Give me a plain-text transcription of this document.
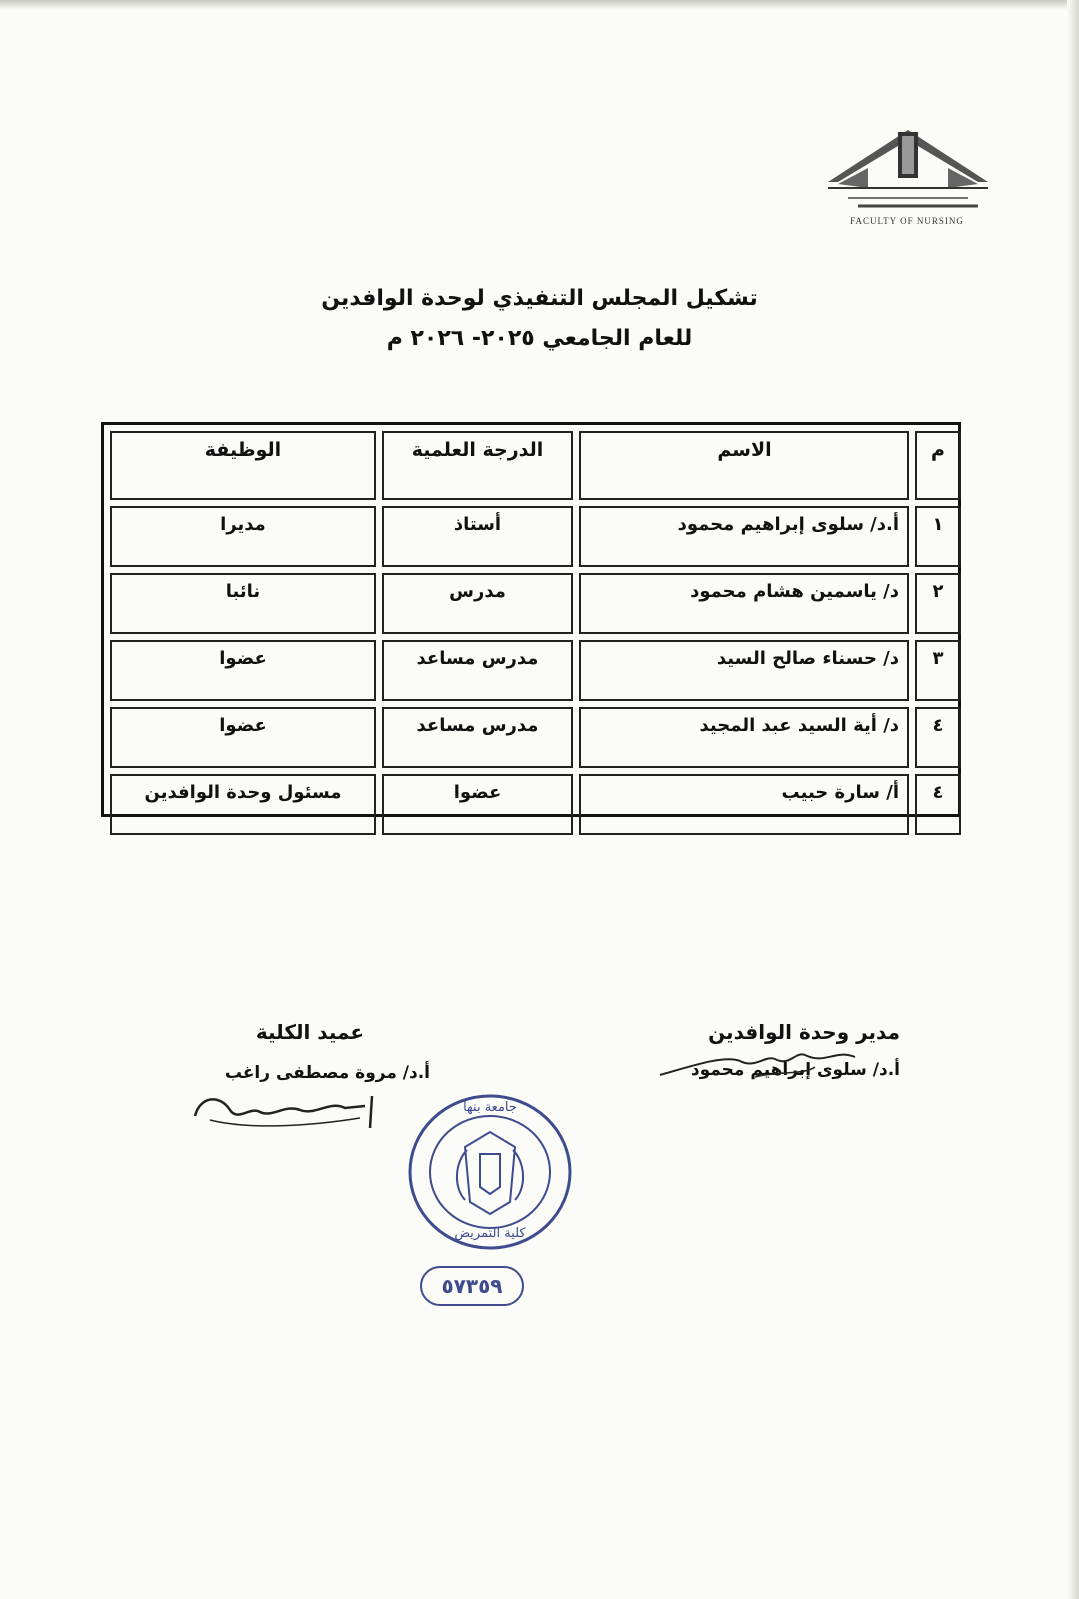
FACULTY OF NURSING
تشكيل المجلس التنفيذي لوحدة الوافدين
للعام الجامعي ٢٠٢٥- ٢٠٢٦ م
م	الاسم	الدرجة العلمية	الوظيفة
١	أ.د/ سلوى إبراهيم محمود	أستاذ	مديرا
٢	د/ ياسمين هشام محمود	مدرس	نائبا
٣	د/ حسناء صالح السيد	مدرس مساعد	عضوا
٤	د/ أية السيد عبد المجيد	مدرس مساعد	عضوا
٤	أ/ سارة حبيب	عضوا	مسئول وحدة الوافدين
مدير وحدة الوافدين
أ.د/ سلوى إبراهيم محمود
عميد الكلية
أ.د/ مروة مصطفى راغب
جامعة بنها
كلية التمريض
٥٧٣٥٩
